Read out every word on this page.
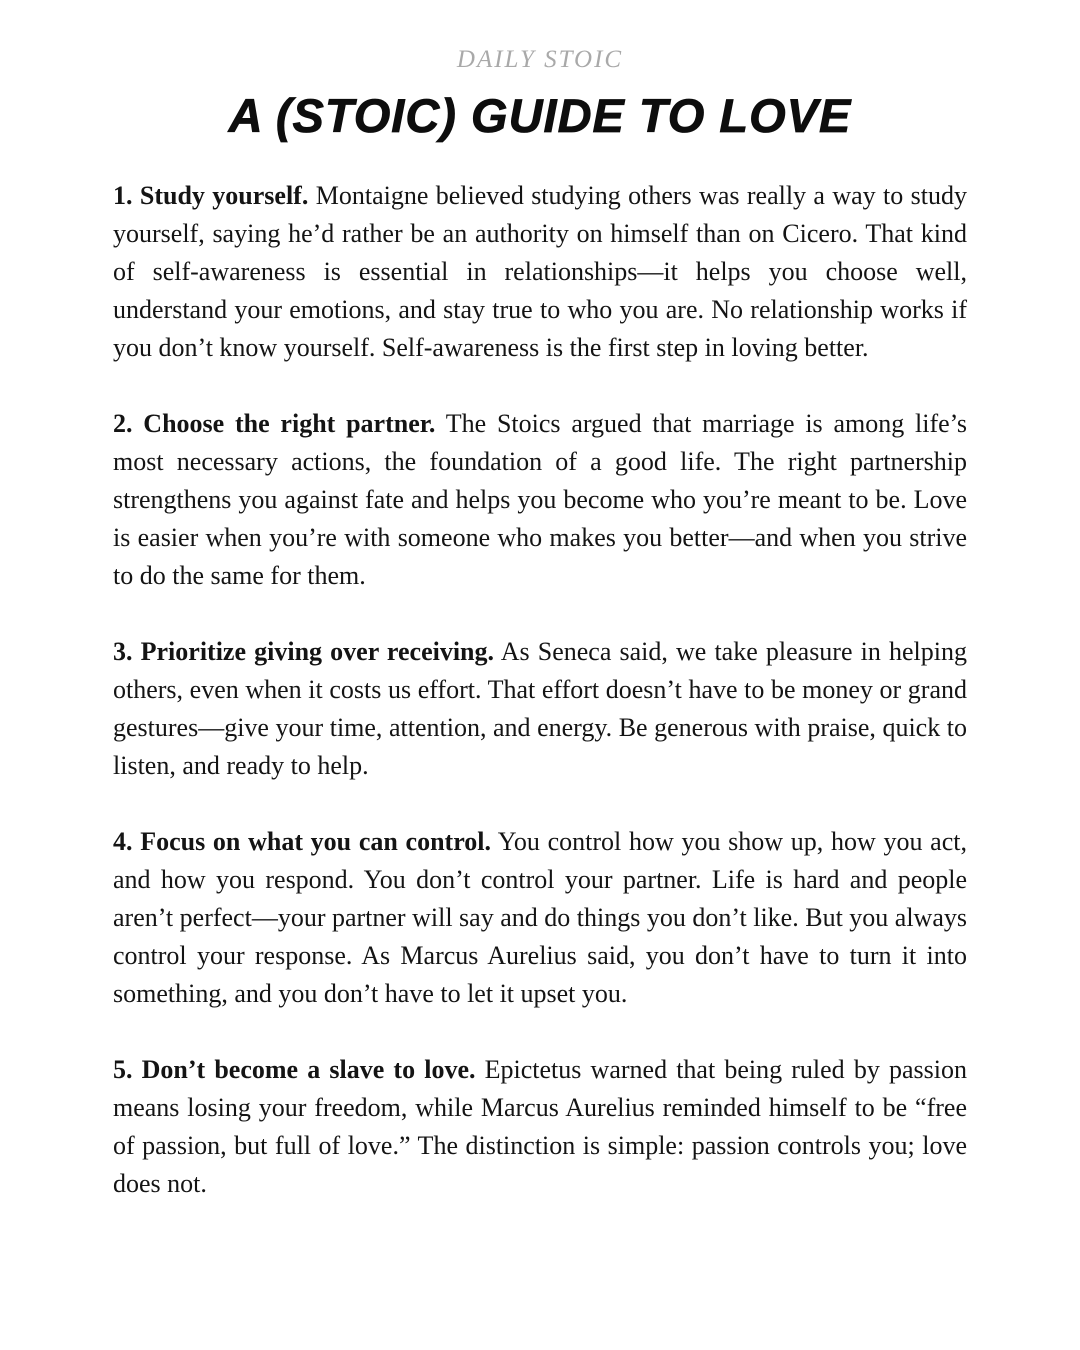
DAILY STOIC
A (STOIC) GUIDE TO LOVE

1. Study yourself. Montaigne believed studying others was really a way to study yourself, saying he’d rather be an authority on himself than on Cicero. That kind of self-awareness is essential in relationships—it helps you choose well, understand your emotions, and stay true to who you are. No relationship works if you don’t know yourself. Self-awareness is the first step in loving better.

2. Choose the right partner. The Stoics argued that marriage is among life’s most necessary actions, the foundation of a good life. The right partnership strengthens you against fate and helps you become who you’re meant to be. Love is easier when you’re with someone who makes you better—and when you strive to do the same for them.

3. Prioritize giving over receiving. As Seneca said, we take pleasure in helping others, even when it costs us effort. That effort doesn’t have to be money or grand gestures—give your time, attention, and energy. Be generous with praise, quick to listen, and ready to help.

4. Focus on what you can control. You control how you show up, how you act, and how you respond. You don’t control your partner. Life is hard and people aren’t perfect—your partner will say and do things you don’t like. But you always control your response. As Marcus Aurelius said, you don’t have to turn it into something, and you don’t have to let it upset you.

5. Don’t become a slave to love. Epictetus warned that being ruled by passion means losing your freedom, while Marcus Aurelius reminded himself to be “free of passion, but full of love.” The distinction is simple: passion controls you; love does not.
